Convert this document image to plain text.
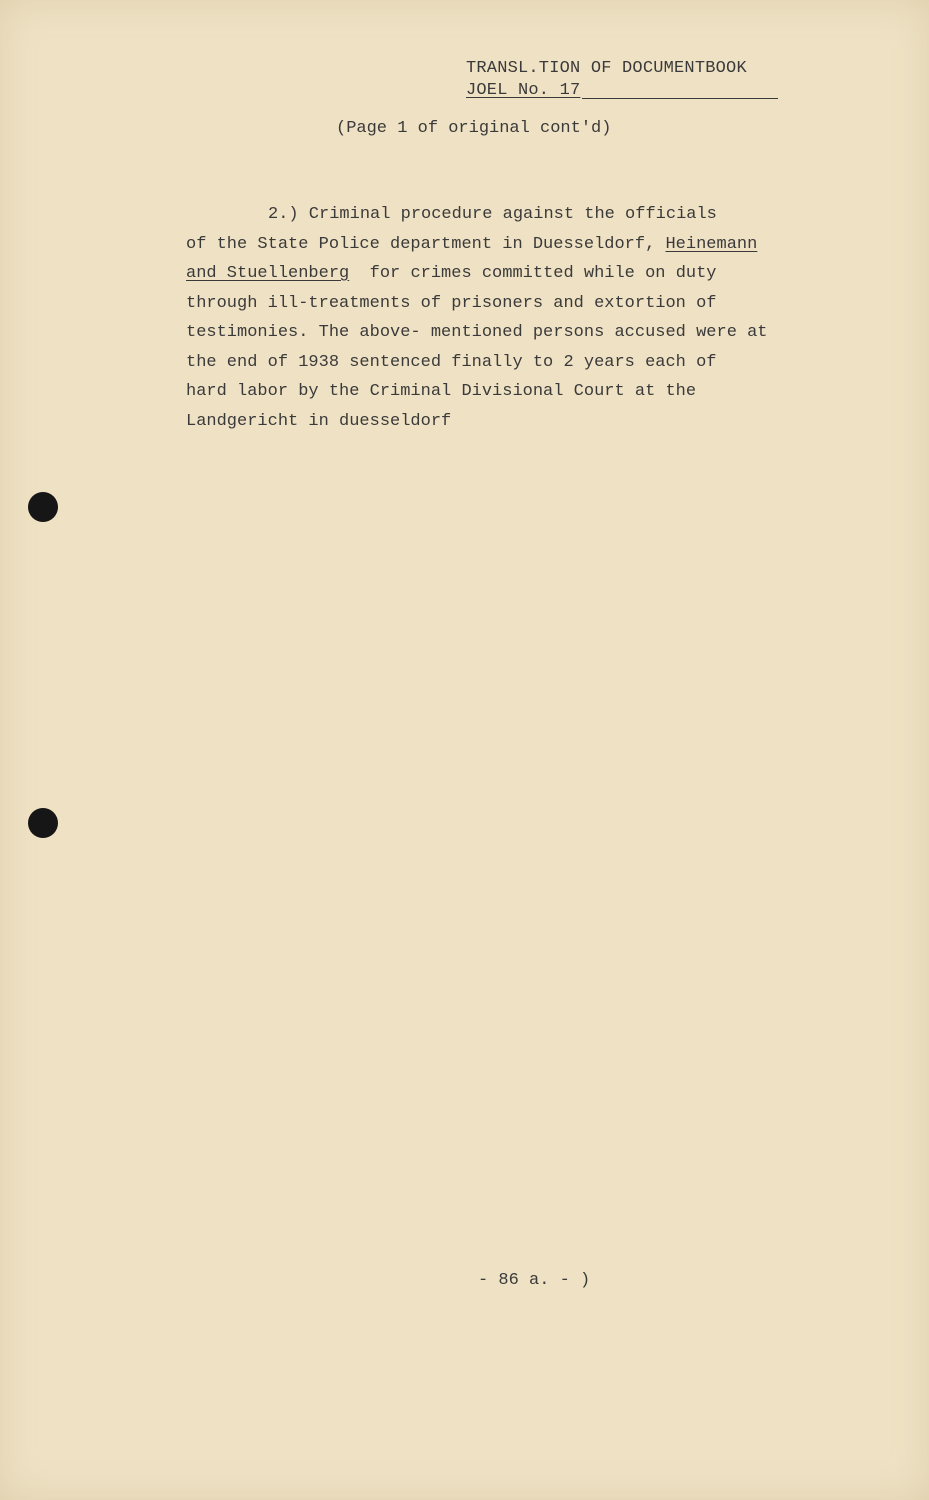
TRANSL.TION OF DOCUMENTBOOK
JOEL No. 17
(Page 1 of original cont'd)
2.) Criminal procedure against the officials
of the State Police department in Duesseldorf, Heinemann
and Stuellenberg  for crimes committed while on duty
through ill-treatments of prisoners and extortion of
testimonies. The above- mentioned persons accused were at
the end of 1938 sentenced finally to 2 years each of
hard labor by the Criminal Divisional Court at the
Landgericht in duesseldorf
- 86 a. - )
